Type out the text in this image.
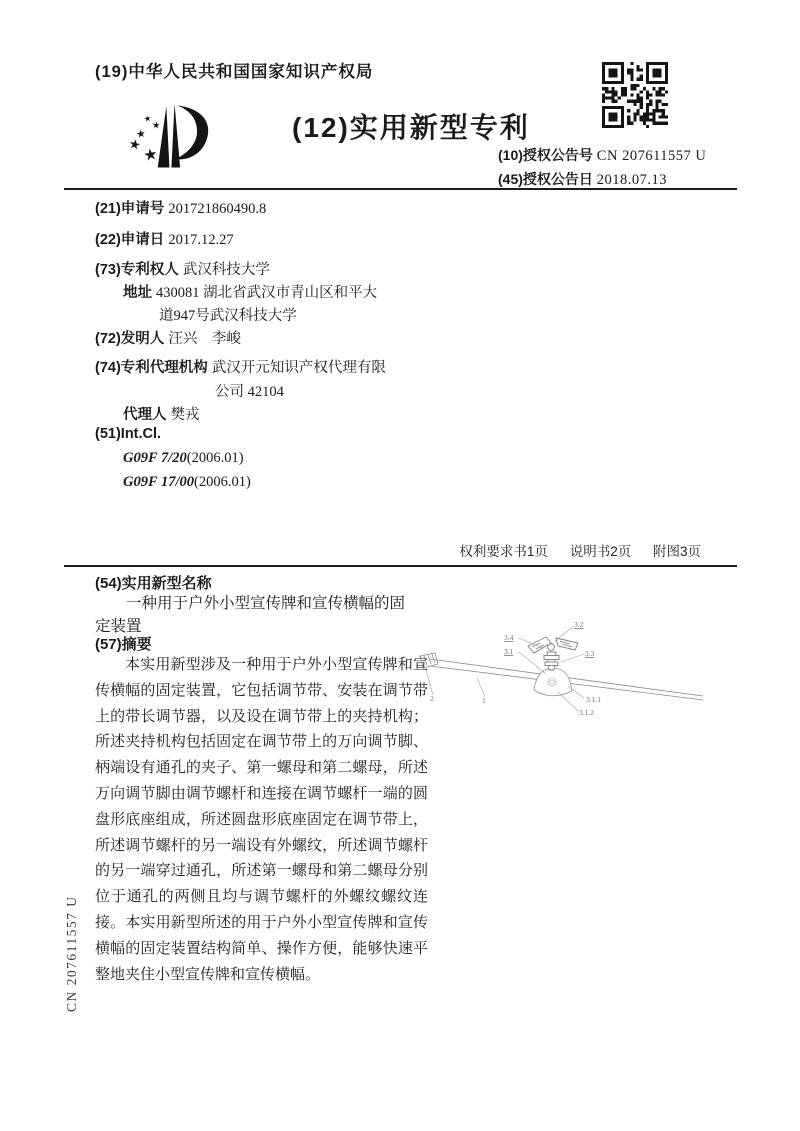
CN 207611557 U
(19)中华人民共和国国家知识产权局
(12)实用新型专利
(10)授权公告号 CN 207611557 U
(45)授权公告日 2018.07.13
(21)申请号 201721860490.8
(22)申请日 2017.12.27
(73)专利权人 武汉科技大学
地址 430081 湖北省武汉市青山区和平大
道947号武汉科技大学
(72)发明人 汪兴　李峻
(74)专利代理机构 武汉开元知识产权代理有限
公司 42104
代理人 樊戎
(51)Int.Cl.
G09F 7/20(2006.01)
G09F 17/00(2006.01)
权利要求书1页 说明书2页 附图3页
(54)实用新型名称
一种用于户外小型宣传牌和宣传横幅的固定装置
(57)摘要
本实用新型涉及一种用于户外小型宣传牌和宣传横幅的固定装置，它包括调节带、安装在调节带上的带长调节器，以及设在调节带上的夹持机构；所述夹持机构包括固定在调节带上的万向调节脚、柄端设有通孔的夹子、第一螺母和第二螺母，所述万向调节脚由调节螺杆和连接在调节螺杆一端的圆盘形底座组成，所述圆盘形底座固定在调节带上，所述调节螺杆的另一端设有外螺纹，所述调节螺杆的另一端穿过通孔，所述第一螺母和第二螺母分别位于通孔的两侧且均与调节螺杆的外螺纹螺纹连接。本实用新型所述的用于户外小型宣传牌和宣传横幅的固定装置结构简单、操作方便，能够快速平整地夹住小型宣传牌和宣传横幅。
3.2
3.4
3.1	3.3
2	1	3.1.1
3.1.2
